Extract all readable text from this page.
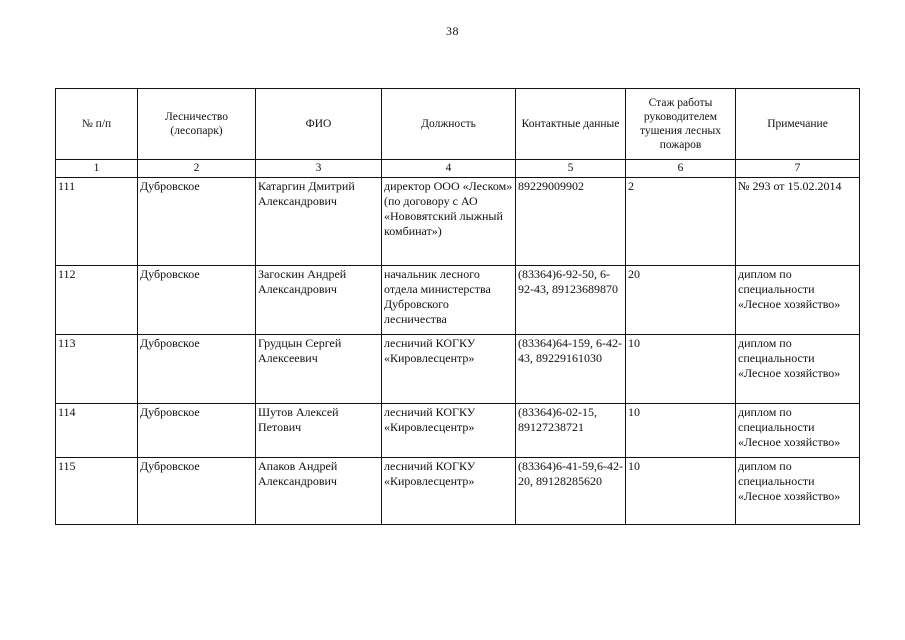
38
№ п/п	Лесничество (лесопарк)	ФИО	Должность	Контактные данные	Стаж работы руководителем тушения лесных пожаров	Примечание
1	2	3	4	5	6	7
111	Дубровское	Катаргин Дмитрий Александрович	директор ООО «Леском» (по договору с АО «Нововятский лыжный комбинат»)	89229009902	2	№ 293 от 15.02.2014
112	Дубровское	Загоскин Андрей Александрович	начальник лесного отдела министерства Дубровского лесничества	(83364)6-92-50, 6-92-43, 89123689870	20	диплом по специальности «Лесное хозяйство»
113	Дубровское	Грудцын Сергей Алексеевич	лесничий КОГКУ «Кировлесцентр»	(83364)64-159, 6-42-43, 89229161030	10	диплом по специальности «Лесное хозяйство»
114	Дубровское	Шутов Алексей Петович	лесничий КОГКУ «Кировлесцентр»	(83364)6-02-15, 89127238721	10	диплом по специальности «Лесное хозяйство»
115	Дубровское	Апаков Андрей Александрович	лесничий КОГКУ «Кировлесцентр»	(83364)6-41-59,6-42-20, 89128285620	10	диплом по специальности «Лесное хозяйство»
